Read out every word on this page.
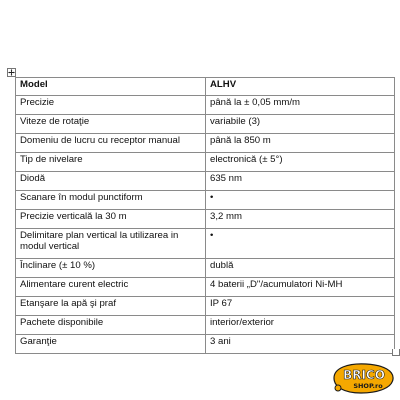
Model	ALHV
Precizie	până la ± 0,05 mm/m
Viteze de rotaţie	variabile (3)
Domeniu de lucru cu receptor manual	până la 850 m
Tip de nivelare	electronică (± 5°)
Diodă	635 nm
Scanare în modul punctiform	•
Precizie verticală la 30 m	3,2 mm
Delimitare plan vertical la utilizarea in modul vertical	•
Înclinare (± 10 %)	dublă
Alimentare curent electric	4 baterii „D"/acumulatori Ni-MH
Etanşare la apă şi praf	IP 67
Pachete disponibile	interior/exterior
Garanţie	3 ani
BRICO
SHOP.ro
